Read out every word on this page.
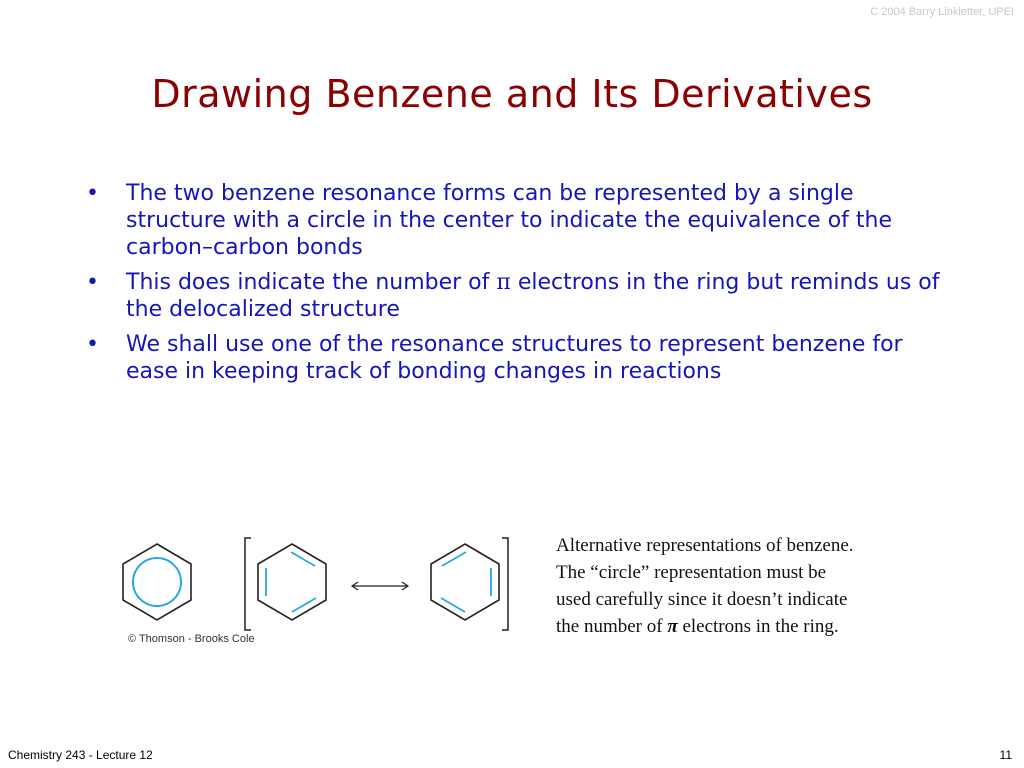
C 2004 Barry Linkletter, UPEI
Drawing Benzene and Its Derivatives
• The two benzene resonance forms can be represented by a single structure with a circle in the center to indicate the equivalence of the carbon–carbon bonds
• This does indicate the number of π electrons in the ring but reminds us of the delocalized structure
• We shall use one of the resonance structures to represent benzene for ease in keeping track of bonding changes in reactions
© Thomson - Brooks Cole
Alternative representations of benzene.
The “circle” representation must be
used carefully since it doesn’t indicate
the number of π electrons in the ring.
Chemistry 243 - Lecture 12	11
